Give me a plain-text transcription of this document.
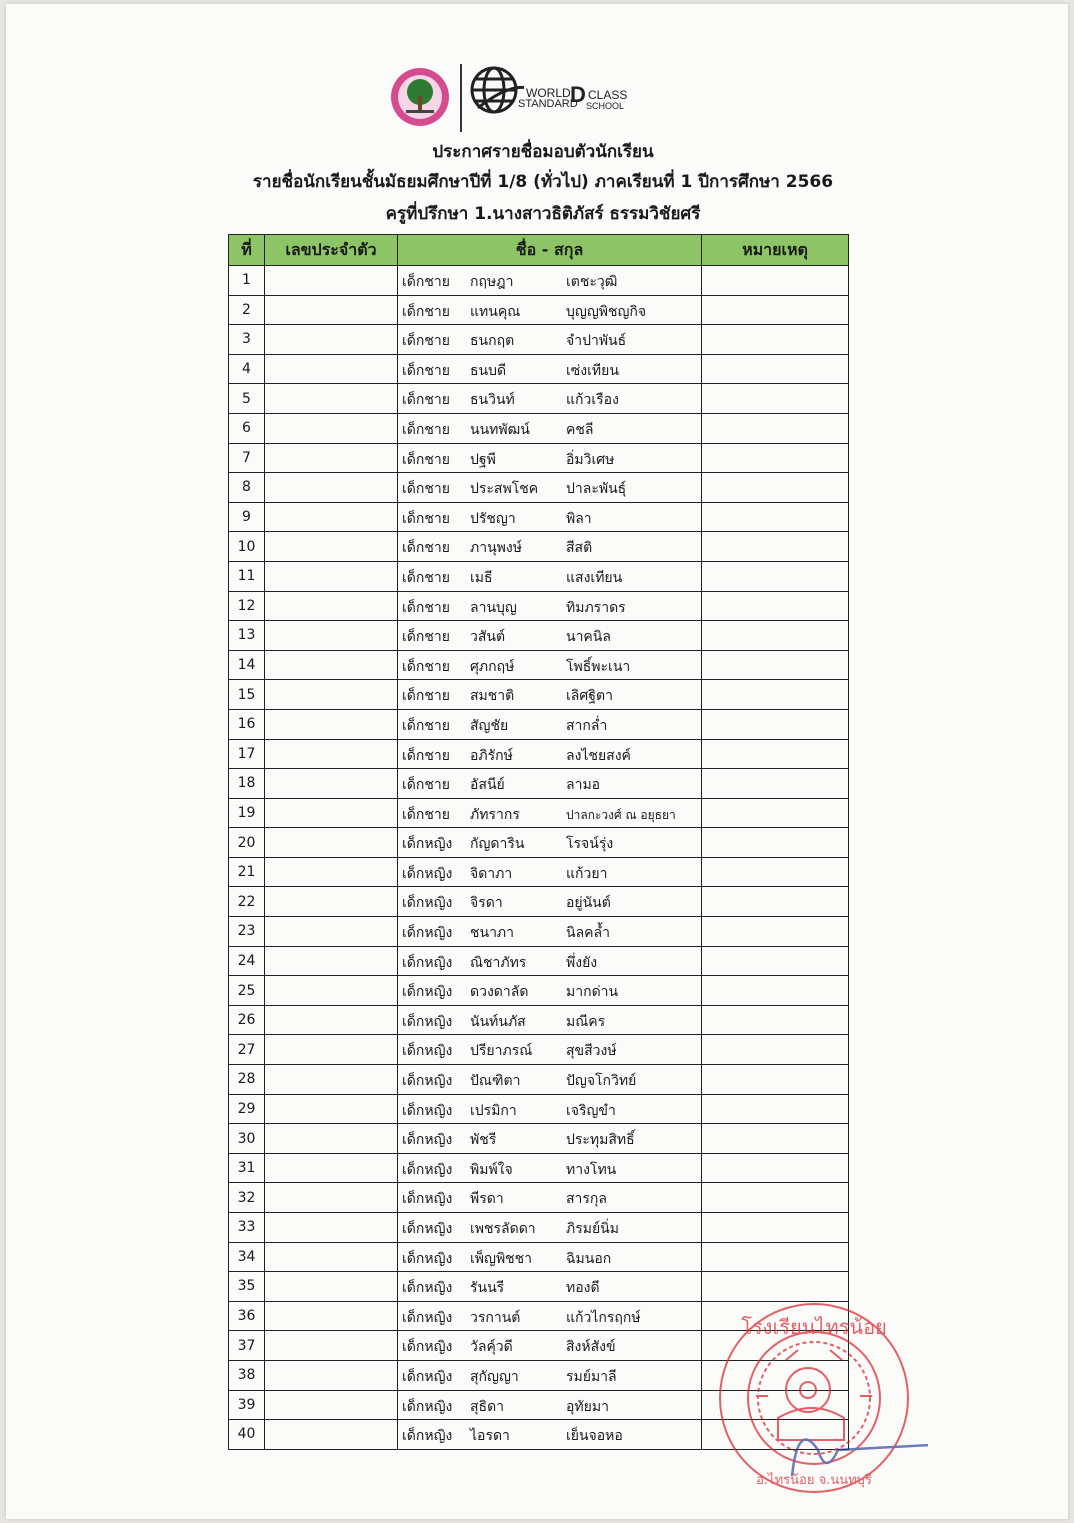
WORLD
STANDARD
D CLASS
SCHOOL
ประกาศรายชื่อมอบตัวนักเรียน
รายชื่อนักเรียนชั้นมัธยมศึกษาปีที่ 1/8 (ทั่วไป) ภาคเรียนที่ 1 ปีการศึกษา 2566
ครูที่ปรึกษา 1.นางสาวธิติภัสร์ ธรรมวิชัยศรี
ที่	เลขประจำตัว	ชื่อ - สกุล	หมายเหตุ
1		เด็กชาย กฤษฎา เตชะวุฒิ	

2		เด็กชาย แทนคุณ บุญญพิชญกิจ	

3		เด็กชาย ธนกฤต จำปาพันธ์	

4		เด็กชาย ธนบดี เซ่งเทียน	

5		เด็กชาย ธนวินท์ แก้วเรือง	

6		เด็กชาย นนทพัฒน์ คชลี	

7		เด็กชาย ปฐพี อิ่มวิเศษ	

8		เด็กชาย ประสพโชค ปาละพันธุ์	

9		เด็กชาย ปรัชญา พิลา	

10		เด็กชาย ภานุพงษ์ สีสติ	

11		เด็กชาย เมธี แสงเทียน	

12		เด็กชาย ลานบุญ ทิมภราดร	

13		เด็กชาย วสันต์ นาคนิล	

14		เด็กชาย ศุภกฤษ์ โพธิ์พะเนา	

15		เด็กชาย สมชาติ เลิศฐิตา	

16		เด็กชาย สัญชัย สากล่ำ	

17		เด็กชาย อภิรักษ์ ลงไชยสงค์	

18		เด็กชาย อัสนีย์ ลามอ	

19		เด็กชาย ภัทรากร ปาลกะวงศ์ ณ อยุธยา	

20		เด็กหญิง กัญดาริน โรจน์รุ่ง	

21		เด็กหญิง จิดาภา แก้วยา	

22		เด็กหญิง จิรดา อยู่นันต์	

23		เด็กหญิง ชนาภา นิลคล้ำ	

24		เด็กหญิง ณิชาภัทร พึ่งยัง	

25		เด็กหญิง ดวงดาลัด มากด่าน	

26		เด็กหญิง นันท์นภัส มณีคร	

27		เด็กหญิง ปรียาภรณ์ สุขสีวงษ์	

28		เด็กหญิง ปัณฑิตา ปัญจโกวิทย์	

29		เด็กหญิง เปรมิกา เจริญขำ	

30		เด็กหญิง พัชรี ประทุมสิทธิ์	

31		เด็กหญิง พิมพ์ใจ ทางโทน	

32		เด็กหญิง พีรดา สารกุล	

33		เด็กหญิง เพชรลัดดา ภิรมย์นิ่ม	

34		เด็กหญิง เพ็ญพิชชา ฉิมนอก	

35		เด็กหญิง รันนรี ทองดี	

36		เด็กหญิง วรกานต์ แก้วไกรฤกษ์	

37		เด็กหญิง วัลคุ์วดี สิงห์สังข์	

38		เด็กหญิง สุกัญญา รมย์มาลี	

39		เด็กหญิง สุธิดา อุทัยมา	

40		เด็กหญิง ไอรดา เย็นจอหอ	

โรงเรียนไทรน้อย
อ.ไทรน้อย จ.นนทบุรี
